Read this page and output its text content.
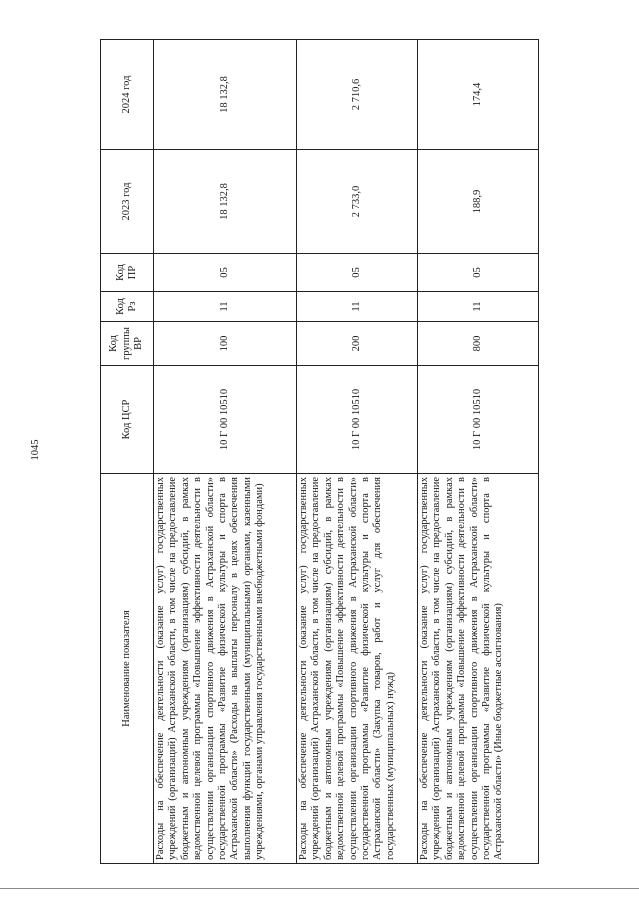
1045
Наименование показателя	Код ЦСР	Код группы ВР	Код Рз	Код ПР	2023 год	2024 год
Расходы на обеспечение деятельности (оказание услуг) государственных учреждений (организаций) Астраханской области, в том числе на предоставление бюджетным и автономным учреждениям (организациям) субсидий, в рамках ведомственной целевой программы «Повышение эффективности деятельности в осуществлении организации спортивного движения в Астраханской области» государственной программы «Развитие физической культуры и спорта в Астраханской области» (Расходы на выплаты персоналу в целях обеспечения выполнения функций государственными (муниципальными) органами, казенными учреждениями, органами управления государственными внебюджетными фондами)	10 Г 00 10510	100	11	05	18 132,8	18 132,8
Расходы на обеспечение деятельности (оказание услуг) государственных учреждений (организаций) Астраханской области, в том числе на предоставление бюджетным и автономным учреждениям (организациям) субсидий, в рамках ведомственной целевой программы «Повышение эффективности деятельности в осуществлении организации спортивного движения в Астраханской области» государственной программы «Развитие физической культуры и спорта в Астраханской области» (Закупка товаров, работ и услуг для обеспечения государственных (муниципальных) нужд)	10 Г 00 10510	200	11	05	2 733,0	2 710,6
Расходы на обеспечение деятельности (оказание услуг) государственных учреждений (организаций) Астраханской области, в том числе на предоставление бюджетным и автономным учреждениям (организациям) субсидий, в рамках ведомственной целевой программы «Повышение эффективности деятельности в осуществлении организации спортивного движения в Астраханской области» государственной программы «Развитие физической культуры и спорта в Астраханской области» (Иные бюджетные ассигнования)	10 Г 00 10510	800	11	05	188,9	174,4
